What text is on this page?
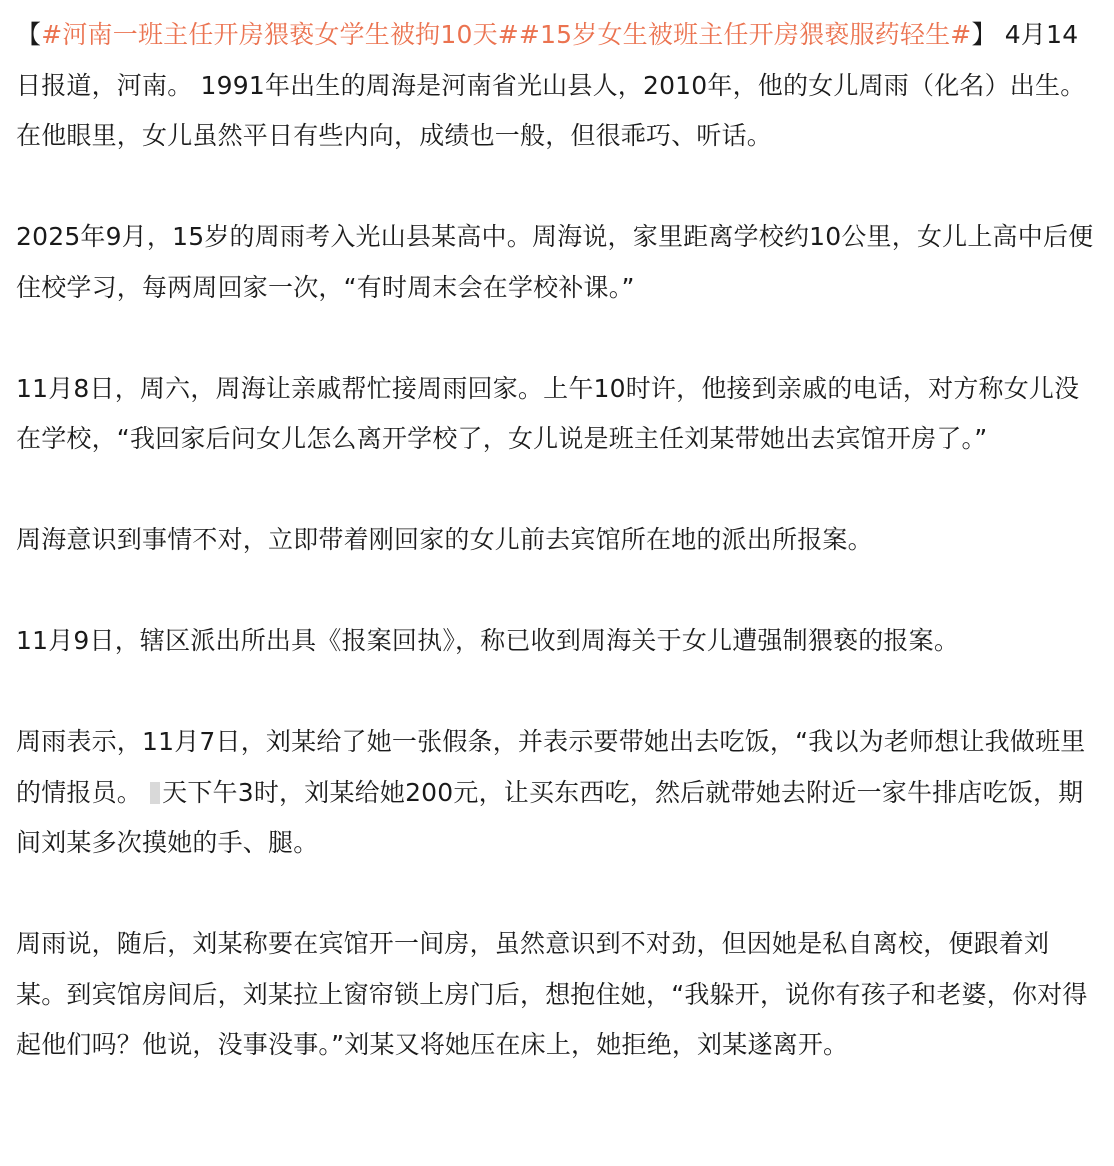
【#河南一班主任开房猥亵女学生被拘10天##15岁女生被班主任开房猥亵服药轻生#】 4月14日报道，河南。 1991年出生的周海是河南省光山县人，2010年，他的女儿周雨（化名）出生。在他眼里，女儿虽然平日有些内向，成绩也一般，但很乖巧、听话。

2025年9月，15岁的周雨考入光山县某高中。周海说，家里距离学校约10公里，女儿上高中后便住校学习，每两周回家一次，“有时周末会在学校补课。”

11月8日，周六，周海让亲戚帮忙接周雨回家。上午10时许，他接到亲戚的电话，对方称女儿没在学校，“我回家后问女儿怎么离开学校了，女儿说是班主任刘某带她出去宾馆开房了。”

周海意识到事情不对，立即带着刚回家的女儿前去宾馆所在地的派出所报案。

11月9日，辖区派出所出具《报案回执》，称已收到周海关于女儿遭强制猥亵的报案。

周雨表示，11月7日，刘某给了她一张假条，并表示要带她出去吃饭，“我以为老师想让我做班里的情报员。 天下午3时，刘某给她200元，让买东西吃，然后就带她去附近一家牛排店吃饭，期间刘某多次摸她的手、腿。

周雨说，随后，刘某称要在宾馆开一间房，虽然意识到不对劲，但因她是私自离校，便跟着刘某。到宾馆房间后，刘某拉上窗帘锁上房门后，想抱住她，“我躲开，说你有孩子和老婆，你对得起他们吗？他说，没事没事。”刘某又将她压在床上，她拒绝，刘某遂离开。
